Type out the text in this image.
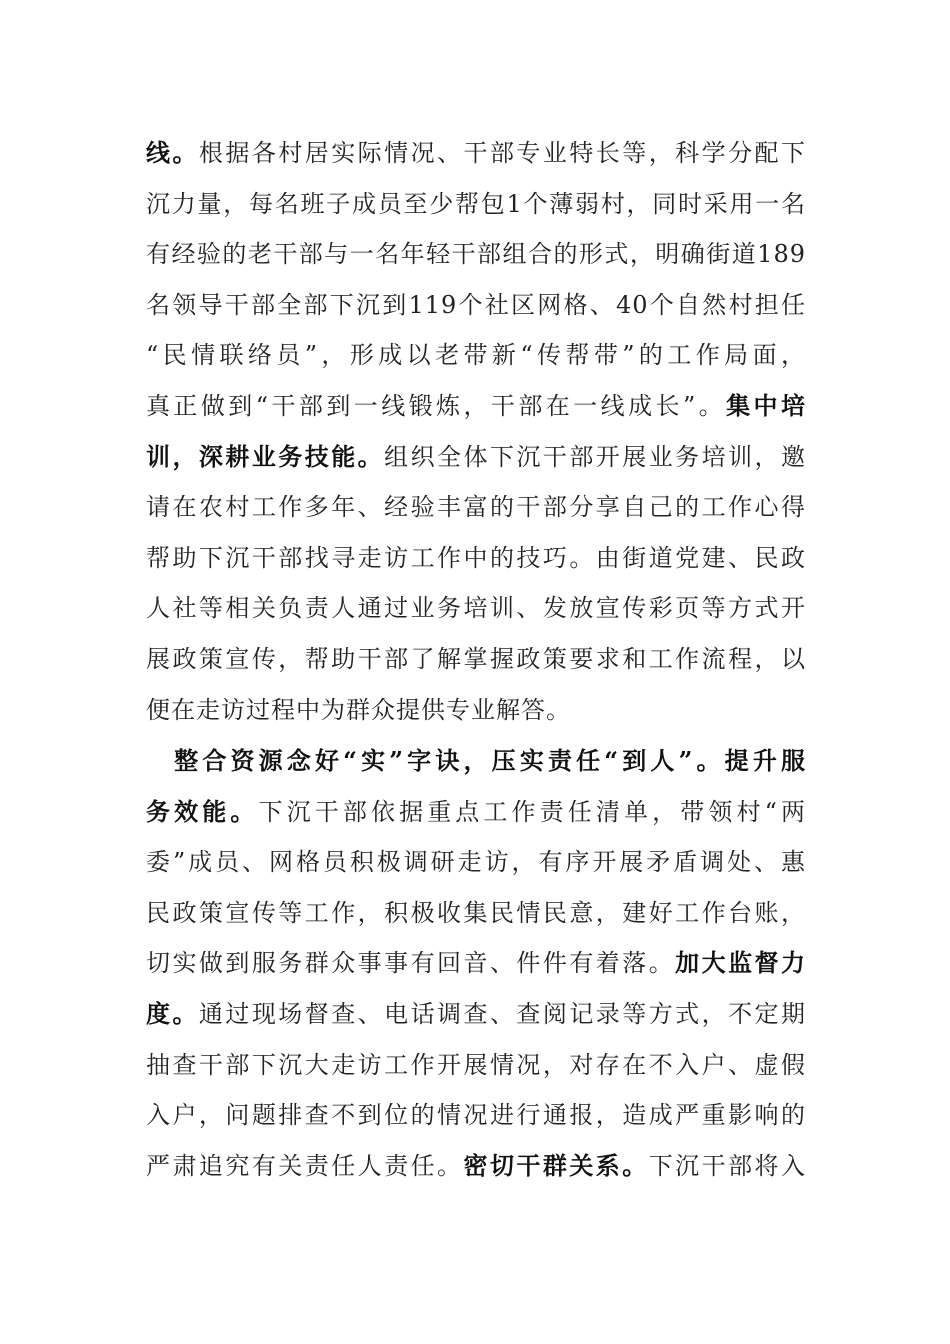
线。根据各村居实际情况、干部专业特长等，科学分配下
沉力量，每名班子成员至少帮包1个薄弱村，同时采用一名
有经验的老干部与一名年轻干部组合的形式，明确街道189
名领导干部全部下沉到119个社区网格、40个自然村担任
“民情联络员”，形成以老带新“传帮带”的工作局面，
真正做到“干部到一线锻炼，干部在一线成长”。集中培
训，深耕业务技能。组织全体下沉干部开展业务培训，邀
请在农村工作多年、经验丰富的干部分享自己的工作心得
帮助下沉干部找寻走访工作中的技巧。由街道党建、民政
人社等相关负责人通过业务培训、发放宣传彩页等方式开
展政策宣传，帮助干部了解掌握政策要求和工作流程，以
便在走访过程中为群众提供专业解答。
　整合资源念好“实”字诀，压实责任“到人”。提升服
务效能。下沉干部依据重点工作责任清单，带领村“两
委”成员、网格员积极调研走访，有序开展矛盾调处、惠
民政策宣传等工作，积极收集民情民意，建好工作台账，
切实做到服务群众事事有回音、件件有着落。加大监督力
度。通过现场督查、电话调查、查阅记录等方式，不定期
抽查干部下沉大走访工作开展情况，对存在不入户、虚假
入户，问题排查不到位的情况进行通报，造成严重影响的
严肃追究有关责任人责任。密切干群关系。下沉干部将入
